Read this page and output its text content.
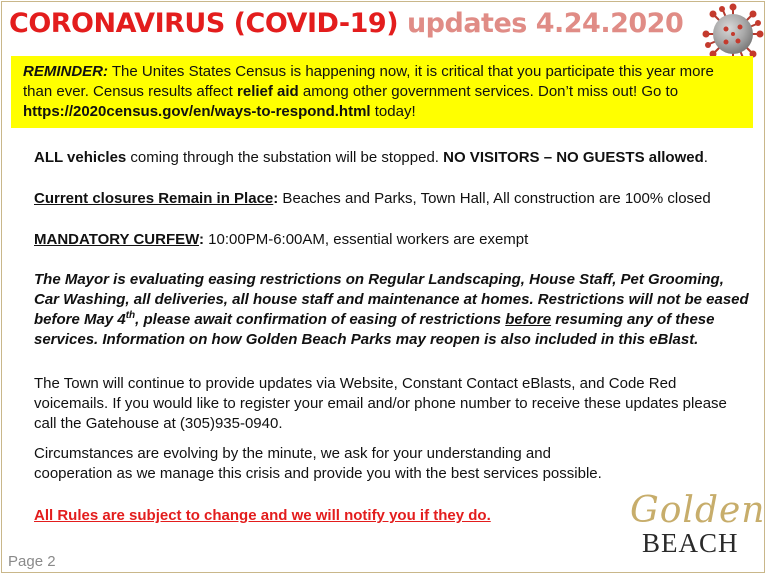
CORONAVIRUS (COVID-19) updates 4.24.2020
REMINDER: The Unites States Census is happening now, it is critical that you participate this year more than ever. Census results affect relief aid among other government services. Don’t miss out! Go to https://2020census.gov/en/ways-to-respond.html today!
ALL vehicles coming through the substation will be stopped. NO VISITORS – NO GUESTS allowed.
Current closures Remain in Place: Beaches and Parks, Town Hall, All construction are 100% closed
MANDATORY CURFEW: 10:00PM-6:00AM, essential workers are exempt
The Mayor is evaluating easing restrictions on Regular Landscaping, House Staff, Pet Grooming, Car Washing, all deliveries, all house staff and maintenance at homes. Restrictions will not be eased before May 4th, please await confirmation of easing of restrictions before resuming any of these services. Information on how Golden Beach Parks may reopen is also included in this eBlast.
The Town will continue to provide updates via Website, Constant Contact eBlasts, and Code Red voicemails. If you would like to register your email and/or phone number to receive these updates please call the Gatehouse at (305)935-0940.
Circumstances are evolving by the minute, we ask for your understanding and
cooperation as we manage this crisis and provide you with the best services possible.
All Rules are subject to change and we will notify you if they do.
Page 2
Golden
BEACH
